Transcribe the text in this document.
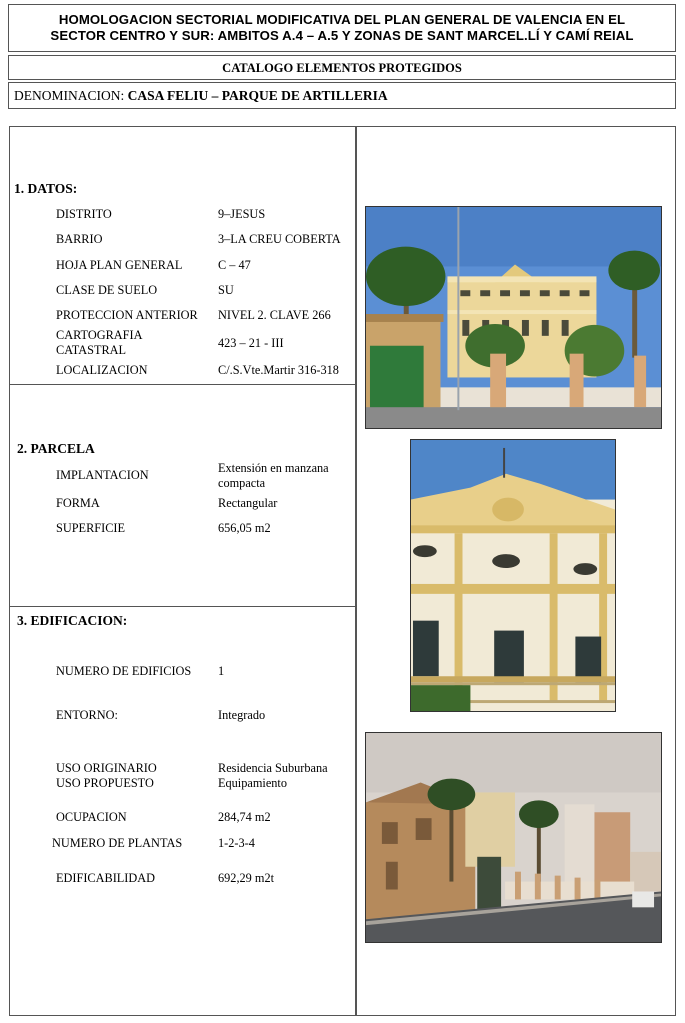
HOMOLOGACION SECTORIAL MODIFICATIVA DEL PLAN GENERAL DE VALENCIA EN EL
SECTOR CENTRO Y SUR: AMBITOS A.4 – A.5 Y ZONAS DE SANT MARCEL.LÍ Y CAMÍ REIAL
CATALOGO ELEMENTOS PROTEGIDOS
DENOMINACION: CASA FELIU – PARQUE DE ARTILLERIA
1. DATOS:
DISTRITO	9–JESUS
BARRIO	3–LA CREU COBERTA
HOJA PLAN GENERAL	C – 47
CLASE DE SUELO	SU
PROTECCION ANTERIOR NIVEL 2. CLAVE 266
CARTOGRAFIA
CATASTRAL	423 – 21 - III
LOCALIZACION	C/.S.Vte.Martir 316-318
2. PARCELA
IMPLANTACION	Extensión en manzana
compacta
FORMA	Rectangular
SUPERFICIE	656,05 m2
3. EDIFICACION:
NUMERO DE EDIFICIOS 1
ENTORNO:	Integrado
USO ORIGINARIO	Residencia Suburbana
USO PROPUESTO	Equipamiento
OCUPACION	284,74 m2
NUMERO DE PLANTAS	1-2-3-4
EDIFICABILIDAD	692,29 m2t
